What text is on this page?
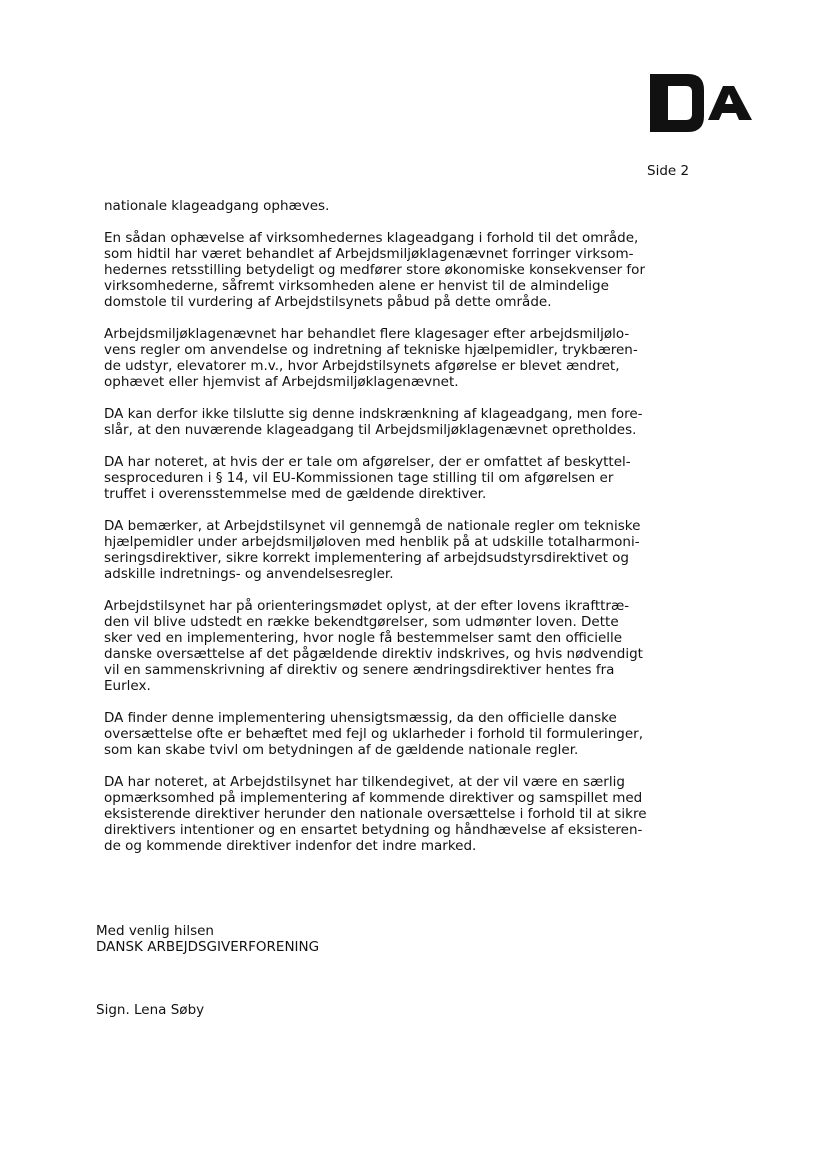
Side 2

nationale klageadgang ophæves.

En sådan ophævelse af virksomhedernes klageadgang i forhold til det område,
som hidtil har været behandlet af Arbejdsmiljøklagenævnet forringer virksom-
hedernes retsstilling betydeligt og medfører store økonomiske konsekvenser for
virksomhederne, såfremt virksomheden alene er henvist til de almindelige
domstole til vurdering af Arbejdstilsynets påbud på dette område.

Arbejdsmiljøklagenævnet har behandlet flere klagesager efter arbejdsmiljølo-
vens regler om anvendelse og indretning af tekniske hjælpemidler, trykbæren-
de udstyr, elevatorer m.v., hvor Arbejdstilsynets afgørelse er blevet ændret,
ophævet eller hjemvist af Arbejdsmiljøklagenævnet.

DA kan derfor ikke tilslutte sig denne indskrænkning af klageadgang, men fore-
slår, at den nuværende klageadgang til Arbejdsmiljøklagenævnet opretholdes.

DA har noteret, at hvis der er tale om afgørelser, der er omfattet af beskyttel-
sesproceduren i § 14, vil EU-Kommissionen tage stilling til om afgørelsen er
truffet i overensstemmelse med de gældende direktiver.

DA bemærker, at Arbejdstilsynet vil gennemgå de nationale regler om tekniske
hjælpemidler under arbejdsmiljøloven med henblik på at udskille totalharmoni-
seringsdirektiver, sikre korrekt implementering af arbejdsudstyrsdirektivet og
adskille indretnings- og anvendelsesregler.

Arbejdstilsynet har på orienteringsmødet oplyst, at der efter lovens ikrafttræ-
den vil blive udstedt en række bekendtgørelser, som udmønter loven. Dette
sker ved en implementering, hvor nogle få bestemmelser samt den officielle
danske oversættelse af det pågældende direktiv indskrives, og hvis nødvendigt
vil en sammenskrivning af direktiv og senere ændringsdirektiver hentes fra
Eurlex.

DA finder denne implementering uhensigtsmæssig, da den officielle danske
oversættelse ofte er behæftet med fejl og uklarheder i forhold til formuleringer,
som kan skabe tvivl om betydningen af de gældende nationale regler.

DA har noteret, at Arbejdstilsynet har tilkendegivet, at der vil være en særlig
opmærksomhed på implementering af kommende direktiver og samspillet med
eksisterende direktiver herunder den nationale oversættelse i forhold til at sikre
direktivers intentioner og en ensartet betydning og håndhævelse af eksisteren-
de og kommende direktiver indenfor det indre marked.

Med venlig hilsen
DANSK ARBEJDSGIVERFORENING
Sign. Lena Søby
